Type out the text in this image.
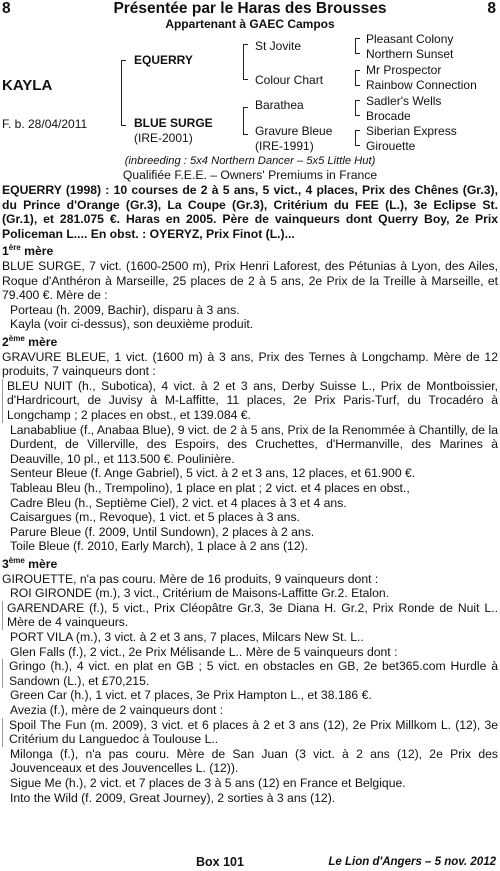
8	Présentée par le Haras des Brousses	8
Appartenant à GAEC Campos
KAYLA
F. b. 28/04/2011
EQUERRY
BLUE SURGE
(IRE-2001)
St Jovite
Colour Chart
Barathea
Gravure Bleue
(IRE-1991)
Pleasant Colony
Northern Sunset
Mr Prospector
Rainbow Connection
Sadler's Wells
Brocade
Siberian Express
Girouette
(inbreeding : 5x4 Northern Dancer – 5x5 Little Hut)
Qualifiée F.E.E. – Owners' Premiums in France

EQUERRY (1998) : 10 courses de 2 à 5 ans, 5 vict., 4 places, Prix des Chênes (Gr.3), du Prince d'Orange (Gr.3), La Coupe (Gr.3), Critérium du FEE (L.), 3e Eclipse St. (Gr.1), et 281.075 €. Haras en 2005. Père de vainqueurs dont Querry Boy, 2e Prix Policeman L.... En obst. : OYERYZ, Prix Finot (L.)...

1ère mère

BLUE SURGE, 7 vict. (1600-2500 m), Prix Henri Laforest, des Pétunias à Lyon, des Ailes, Roque d'Anthéron à Marseille, 25 places de 2 à 5 ans, 2e Prix de la Treille à Marseille, et 79.400 €. Mère de :

Porteau (h. 2009, Bachir), disparu à 3 ans.

Kayla (voir ci-dessus), son deuxième produit.

2ème mère

GRAVURE BLEUE, 1 vict. (1600 m) à 3 ans, Prix des Ternes à Longchamp. Mère de 12 produits, 7 vainqueurs dont :

BLEU NUIT (h., Subotica), 4 vict. à 2 et 3 ans, Derby Suisse L., Prix de Montboissier, d'Hardricourt, de Juvisy à M-Laffitte, 11 places, 2e Prix Paris-Turf, du Trocadéro à Longchamp ; 2 places en obst., et 139.084 €.

Lanababliue (f., Anabaa Blue), 9 vict. de 2 à 5 ans, Prix de la Renommée à Chantilly, de la Durdent, de Villerville, des Espoirs, des Cruchettes, d'Hermanville, des Marines à Deauville, 10 pl., et 113.500 €. Poulinière.

Senteur Bleue (f. Ange Gabriel), 5 vict. à 2 et 3 ans, 12 places, et 61.900 €.

Tableau Bleu (h., Trempolino), 1 place en plat ; 2 vict. et 4 places en obst.,

Cadre Bleu (h., Septième Ciel), 2 vict. et 4 places à 3 et 4 ans.

Caisargues (m., Revoque), 1 vict. et 5 places à 3 ans.

Parure Bleue (f. 2009, Until Sundown), 2 places à 2 ans.

Toile Bleue (f. 2010, Early March), 1 place à 2 ans (12).

3ème mère

GIROUETTE, n'a pas couru. Mère de 16 produits, 9 vainqueurs dont :

ROI GIRONDE (m.), 3 vict., Critérium de Maisons-Laffitte Gr.2. Etalon.

GARENDARE (f.), 5 vict., Prix Cléopâtre Gr.3, 3e Diana H. Gr.2, Prix Ronde de Nuit L.. Mère de 4 vainqueurs.

PORT VILA (m.), 3 vict. à 2 et 3 ans, 7 places, Milcars New St. L..

Glen Falls (f.), 2 vict., 2e Prix Mélisande L.. Mère de 5 vainqueurs dont :

Gringo (h.), 4 vict. en plat en GB ; 5 vict. en obstacles en GB, 2e bet365.com Hurdle à Sandown (L.), et £70,215.

Green Car (h.), 1 vict. et 7 places, 3e Prix Hampton L., et 38.186 €.

Avezia (f.), mère de 2 vainqueurs dont :

Spoil The Fun (m. 2009), 3 vict. et 6 places à 2 et 3 ans (12), 2e Prix Millkom L. (12), 3e Critérium du Languedoc à Toulouse L..

Milonga (f.), n'a pas couru. Mère de San Juan (3 vict. à 2 ans (12), 2e Prix des Jouvenceaux et des Jouvencelles L. (12)).

Sigue Me (h.), 2 vict. et 7 places de 3 à 5 ans (12) en France et Belgique.

Into the Wild (f. 2009, Great Journey), 2 sorties à 3 ans (12).

Box 101	Le Lion d'Angers – 5 nov. 2012
